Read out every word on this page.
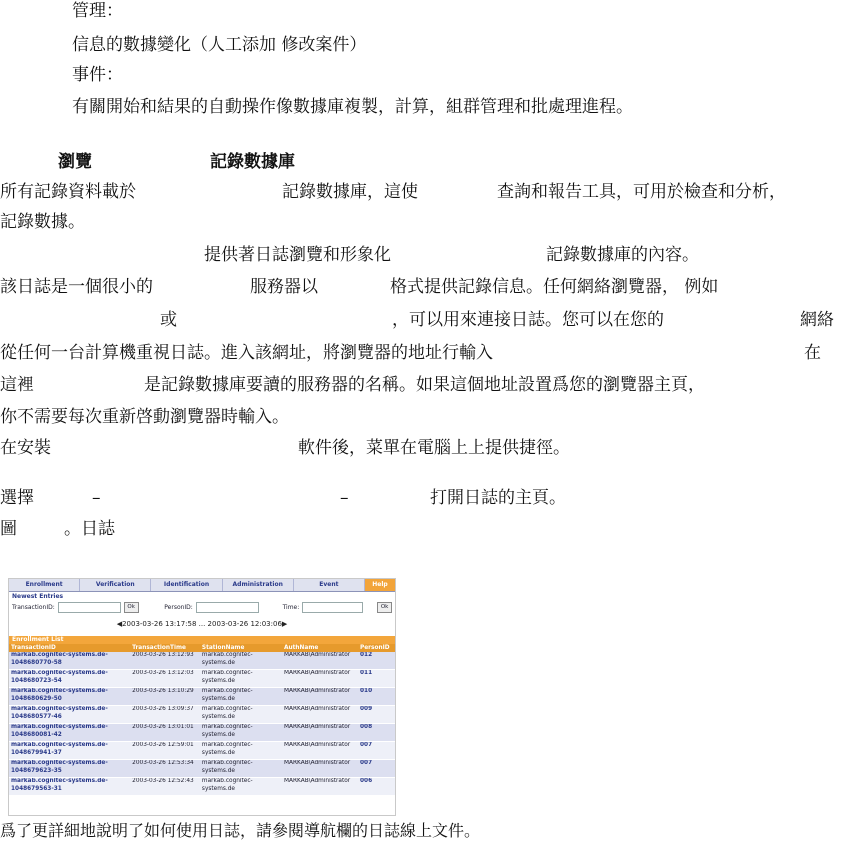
管理：
信息的數據變化（人工添加 修改案件）
事件：
有關開始和結果的自動操作像數據庫複製，計算，組群管理和批處理進程。
瀏覽	記錄數據庫
所有記錄資料載於	記錄數據庫，這使	查詢和報告工具，可用於檢查和分析，
記錄數據。
提供著日誌瀏覽和形象化	記錄數據庫的內容。
該日誌是一個很小的	服務器以	格式提供記錄信息。任何網絡瀏覽器， 例如
或	，可以用來連接日誌。您可以在您的	網絡
從任何一台計算機重視日誌。進入該網址，將瀏覽器的地址行輸入	在
這裡	是記錄數據庫要讀的服務器的名稱。如果這個地址設置爲您的瀏覽器主頁，
你不需要每次重新啓動瀏覽器時輸入。
在安裝	軟件後，菜單在電腦上上提供捷徑。
選擇	–	–	打開日誌的主頁。
圖	。日誌
Enrollment	Verification	Identification	Administration	Event	Help
Newest Entries
TransactionID:	Ok	PersonID:	Time:	Ok
◀2003-03-26 13:17:58 ... 2003-03-26 12:03:06▶
Enrollment List
TransactionID	TransactionTime	StationName	AuthName	PersonID
markab.cognitec-systems.de-1048680770-58	2003-03-26 13:12:93	markab.cognitec-systems.de	MARKAB\Administrator	012
markab.cognitec-systems.de-1048680723-54	2003-03-26 13:12:03	markab.cognitec-systems.de	MARKAB\Administrator	011
markab.cognitec-systems.de-1048680629-50	2003-03-26 13:10:29	markab.cognitec-systems.de	MARKAB\Administrator	010
markab.cognitec-systems.de-1048680577-46	2003-03-26 13:09:37	markab.cognitec-systems.de	MARKAB\Administrator	009
markab.cognitec-systems.de-1048680081-42	2003-03-26 13:01:01	markab.cognitec-systems.de	MARKAB\Administrator	008
markab.cognitec-systems.de-1048679941-37	2003-03-26 12:59:01	markab.cognitec-systems.de	MARKAB\Administrator	007
markab.cognitec-systems.de-1048679623-35	2003-03-26 12:53:34	markab.cognitec-systems.de	MARKAB\Administrator	007
markab.cognitec-systems.de-1048679563-31	2003-03-26 12:52:43	markab.cognitec-systems.de	MARKAB\Administrator	006
爲了更詳細地說明了如何使用日誌，請參閱導航欄的日誌線上文件。
